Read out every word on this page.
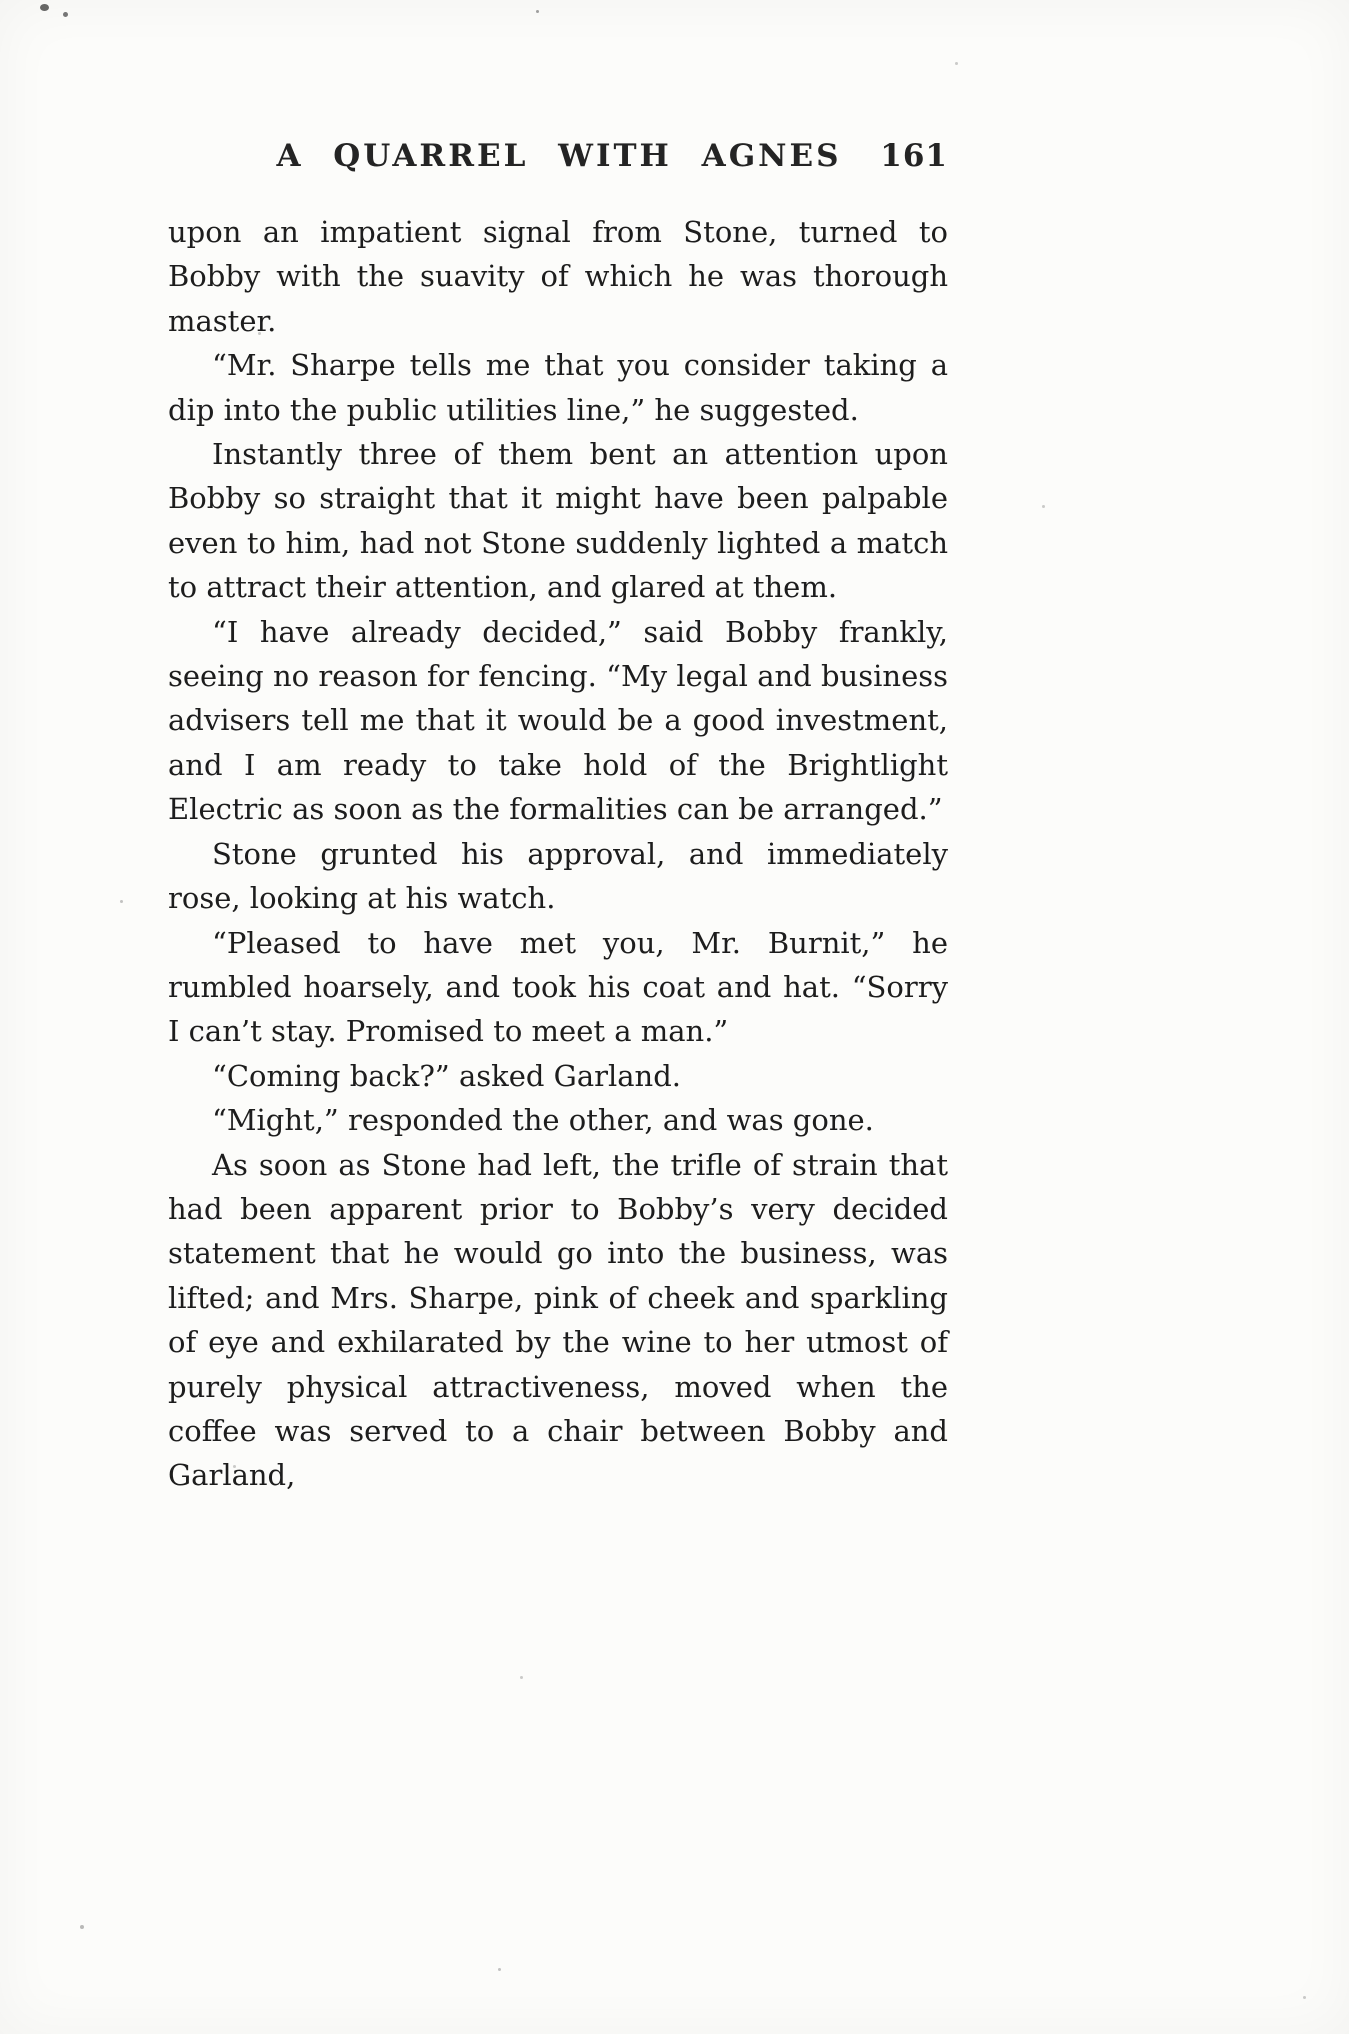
A QUARREL WITH AGNES 161

upon an impatient signal from Stone, turned to Bobby with the suavity of which he was thorough master.

“Mr. Sharpe tells me that you consider taking a dip into the public utilities line,” he suggested.

Instantly three of them bent an attention upon Bobby so straight that it might have been palpable even to him, had not Stone suddenly lighted a match to attract their attention, and glared at them.

“I have already decided,” said Bobby frankly, seeing no reason for fencing. “My legal and business advisers tell me that it would be a good investment, and I am ready to take hold of the Brightlight Electric as soon as the formalities can be arranged.”

Stone grunted his approval, and immediately rose, looking at his watch.

“Pleased to have met you, Mr. Burnit,” he rumbled hoarsely, and took his coat and hat. “Sorry I can’t stay. Promised to meet a man.”

“Coming back?” asked Garland.

“Might,” responded the other, and was gone.

As soon as Stone had left, the trifle of strain that had been apparent prior to Bobby’s very decided statement that he would go into the business, was lifted; and Mrs. Sharpe, pink of cheek and sparkling of eye and exhilarated by the wine to her utmost of purely physical attractiveness, moved when the coffee was served to a chair between Bobby and Garland,
